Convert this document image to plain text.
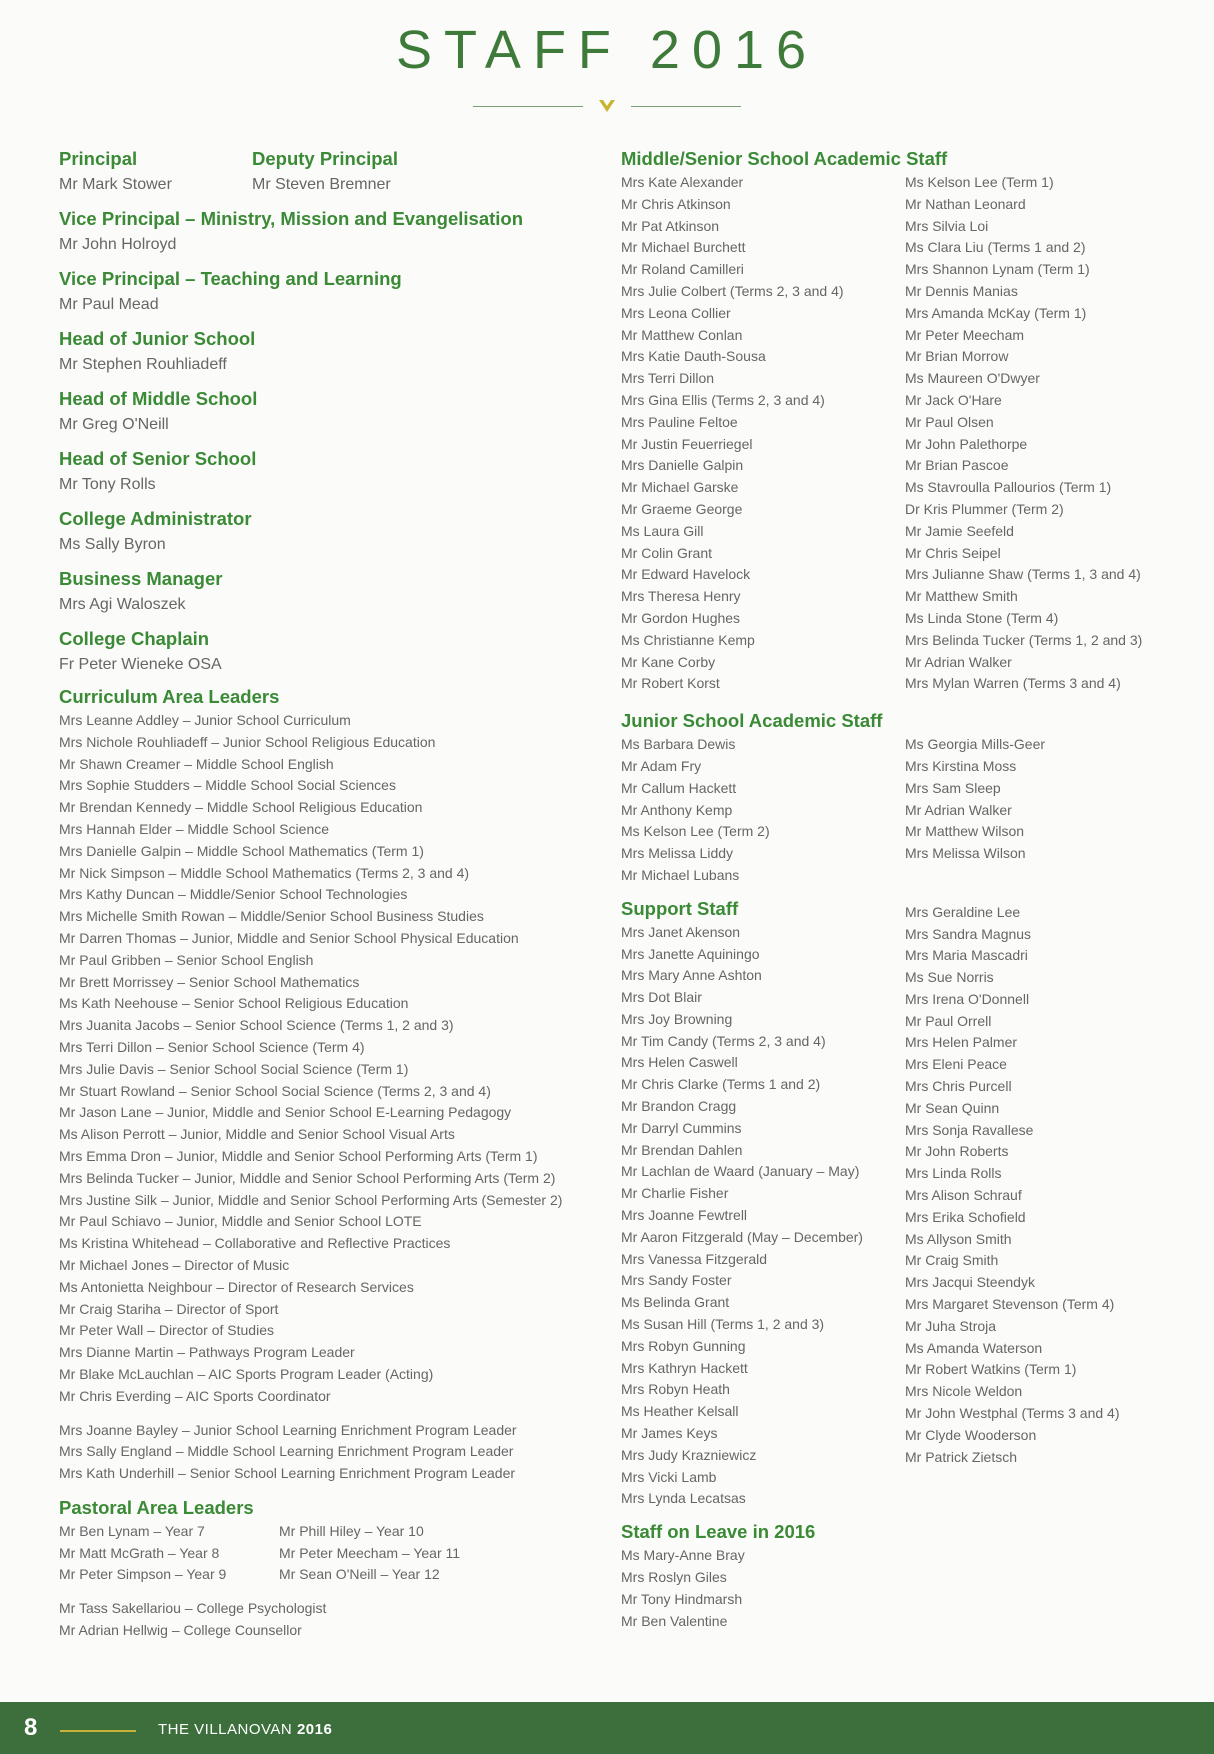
STAFF 2016

Principal

Mr Mark Stower

Deputy Principal

Mr Steven Bremner

Vice Principal – Ministry, Mission and Evangelisation

Mr John Holroyd

Vice Principal – Teaching and Learning

Mr Paul Mead

Head of Junior School

Mr Stephen Rouhliadeff

Head of Middle School

Mr Greg O'Neill

Head of Senior School

Mr Tony Rolls

College Administrator

Ms Sally Byron

Business Manager

Mrs Agi Waloszek

College Chaplain

Fr Peter Wieneke OSA

Curriculum Area Leaders

Mrs Leanne Addley – Junior School Curriculum

Mrs Nichole Rouhliadeff – Junior School Religious Education

Mr Shawn Creamer – Middle School English

Mrs Sophie Studders – Middle School Social Sciences

Mr Brendan Kennedy – Middle School Religious Education

Mrs Hannah Elder – Middle School Science

Mrs Danielle Galpin – Middle School Mathematics (Term 1)

Mr Nick Simpson – Middle School Mathematics (Terms 2, 3 and 4)

Mrs Kathy Duncan – Middle/Senior School Technologies

Mrs Michelle Smith Rowan – Middle/Senior School Business Studies

Mr Darren Thomas – Junior, Middle and Senior School Physical Education

Mr Paul Gribben – Senior School English

Mr Brett Morrissey – Senior School Mathematics

Ms Kath Neehouse – Senior School Religious Education

Mrs Juanita Jacobs – Senior School Science (Terms 1, 2 and 3)

Mrs Terri Dillon – Senior School Science (Term 4)

Mrs Julie Davis – Senior School Social Science (Term 1)

Mr Stuart Rowland – Senior School Social Science (Terms 2, 3 and 4)

Mr Jason Lane – Junior, Middle and Senior School E-Learning Pedagogy

Ms Alison Perrott – Junior, Middle and Senior School Visual Arts

Mrs Emma Dron – Junior, Middle and Senior School Performing Arts (Term 1)

Mrs Belinda Tucker – Junior, Middle and Senior School Performing Arts (Term 2)

Mrs Justine Silk – Junior, Middle and Senior School Performing Arts (Semester 2)

Mr Paul Schiavo – Junior, Middle and Senior School LOTE

Ms Kristina Whitehead – Collaborative and Reflective Practices

Mr Michael Jones – Director of Music

Ms Antonietta Neighbour – Director of Research Services

Mr Craig Stariha – Director of Sport

Mr Peter Wall – Director of Studies

Mrs Dianne Martin – Pathways Program Leader

Mr Blake McLauchlan – AIC Sports Program Leader (Acting)

Mr Chris Everding – AIC Sports Coordinator

Mrs Joanne Bayley – Junior School Learning Enrichment Program Leader

Mrs Sally England – Middle School Learning Enrichment Program Leader

Mrs Kath Underhill – Senior School Learning Enrichment Program Leader

Pastoral Area Leaders

Mr Ben Lynam – Year 7

Mr Matt McGrath – Year 8

Mr Peter Simpson – Year 9

Mr Phill Hiley – Year 10

Mr Peter Meecham – Year 11

Mr Sean O'Neill – Year 12

Mr Tass Sakellariou – College Psychologist

Mr Adrian Hellwig – College Counsellor

Middle/Senior School Academic Staff

Mrs Kate Alexander

Mr Chris Atkinson

Mr Pat Atkinson

Mr Michael Burchett

Mr Roland Camilleri

Mrs Julie Colbert (Terms 2, 3 and 4)

Mrs Leona Collier

Mr Matthew Conlan

Mrs Katie Dauth-Sousa

Mrs Terri Dillon

Mrs Gina Ellis (Terms 2, 3 and 4)

Mrs Pauline Feltoe

Mr Justin Feuerriegel

Mrs Danielle Galpin

Mr Michael Garske

Mr Graeme George

Ms Laura Gill

Mr Colin Grant

Mr Edward Havelock

Mrs Theresa Henry

Mr Gordon Hughes

Ms Christianne Kemp

Mr Kane Corby

Mr Robert Korst

Ms Kelson Lee (Term 1)

Mr Nathan Leonard

Mrs Silvia Loi

Ms Clara Liu (Terms 1 and 2)

Mrs Shannon Lynam (Term 1)

Mr Dennis Manias

Mrs Amanda McKay (Term 1)

Mr Peter Meecham

Mr Brian Morrow

Ms Maureen O'Dwyer

Mr Jack O'Hare

Mr Paul Olsen

Mr John Palethorpe

Mr Brian Pascoe

Ms Stavroulla Pallourios (Term 1)

Dr Kris Plummer (Term 2)

Mr Jamie Seefeld

Mr Chris Seipel

Mrs Julianne Shaw (Terms 1, 3 and 4)

Mr Matthew Smith

Ms Linda Stone (Term 4)

Mrs Belinda Tucker (Terms 1, 2 and 3)

Mr Adrian Walker

Mrs Mylan Warren (Terms 3 and 4)

Junior School Academic Staff

Ms Barbara Dewis

Mr Adam Fry

Mr Callum Hackett

Mr Anthony Kemp

Ms Kelson Lee (Term 2)

Mrs Melissa Liddy

Mr Michael Lubans

Ms Georgia Mills-Geer

Mrs Kirstina Moss

Mrs Sam Sleep

Mr Adrian Walker

Mr Matthew Wilson

Mrs Melissa Wilson

Support Staff

Mrs Janet Akenson

Mrs Janette Aquiningo

Mrs Mary Anne Ashton

Mrs Dot Blair

Mrs Joy Browning

Mr Tim Candy (Terms 2, 3 and 4)

Mrs Helen Caswell

Mr Chris Clarke (Terms 1 and 2)

Mr Brandon Cragg

Mr Darryl Cummins

Mr Brendan Dahlen

Mr Lachlan de Waard (January – May)

Mr Charlie Fisher

Mrs Joanne Fewtrell

Mr Aaron Fitzgerald (May – December)

Mrs Vanessa Fitzgerald

Mrs Sandy Foster

Ms Belinda Grant

Ms Susan Hill (Terms 1, 2 and 3)

Mrs Robyn Gunning

Mrs Kathryn Hackett

Mrs Robyn Heath

Ms Heather Kelsall

Mr James Keys

Mrs Judy Krazniewicz

Mrs Vicki Lamb

Mrs Lynda Lecatsas

Mrs Geraldine Lee

Mrs Sandra Magnus

Mrs Maria Mascadri

Ms Sue Norris

Mrs Irena O'Donnell

Mr Paul Orrell

Mrs Helen Palmer

Mrs Eleni Peace

Mrs Chris Purcell

Mr Sean Quinn

Mrs Sonja Ravallese

Mr John Roberts

Mrs Linda Rolls

Mrs Alison Schrauf

Mrs Erika Schofield

Ms Allyson Smith

Mr Craig Smith

Mrs Jacqui Steendyk

Mrs Margaret Stevenson (Term 4)

Mr Juha Stroja

Ms Amanda Waterson

Mr Robert Watkins (Term 1)

Mrs Nicole Weldon

Mr John Westphal (Terms 3 and 4)

Mr Clyde Wooderson

Mr Patrick Zietsch

Staff on Leave in 2016

Ms Mary-Anne Bray

Mrs Roslyn Giles

Mr Tony Hindmarsh

Mr Ben Valentine

8	THE VILLANOVAN 2016
